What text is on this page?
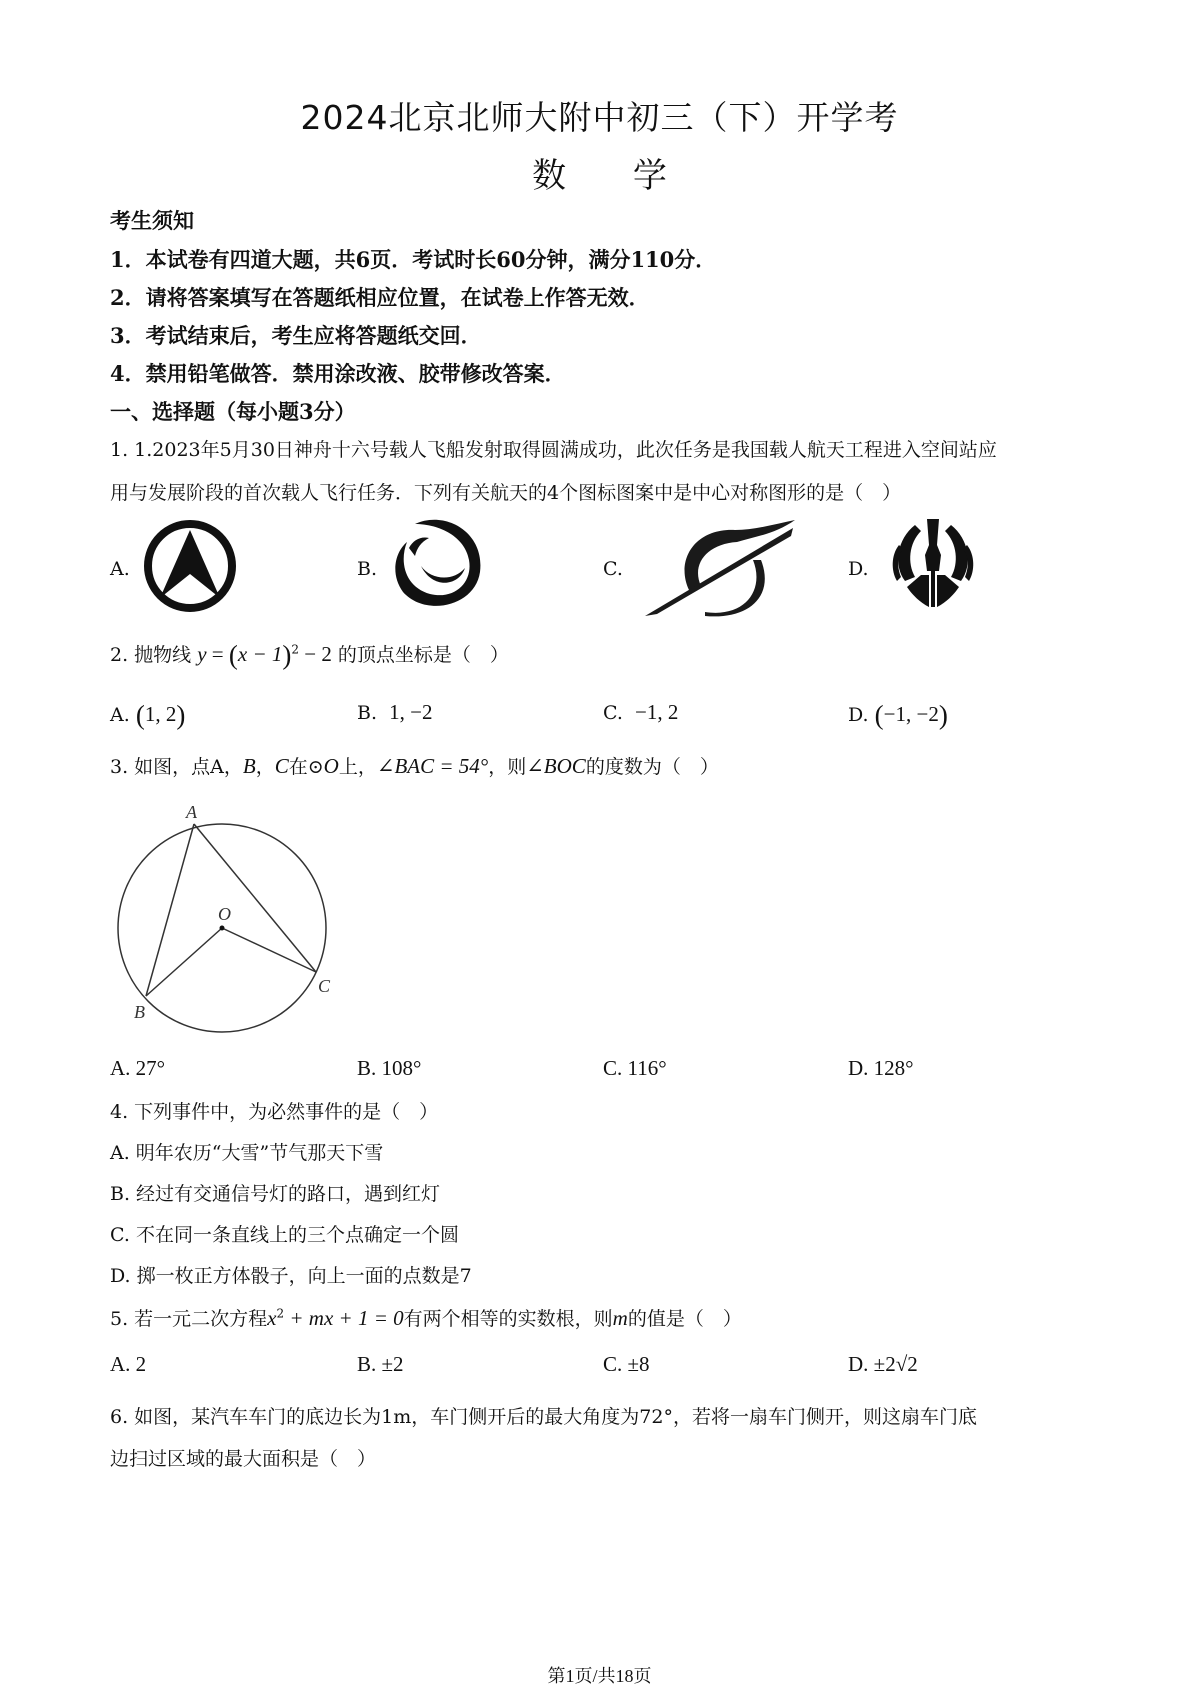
2024北京北师大附中初三（下）开学考
数 学
考生须知
1．本试卷有四道大题，共6页．考试时长60分钟，满分110分．
2．请将答案填写在答题纸相应位置，在试卷上作答无效．
3．考试结束后，考生应将答题纸交回．
4．禁用铅笔做答．禁用涂改液、胶带修改答案．
一、选择题（每小题3分）
1. 1.2023年5月30日神舟十六号载人飞船发射取得圆满成功，此次任务是我国载人航天工程进入空间站应
用与发展阶段的首次载人飞行任务．下列有关航天的4个图标图案中是中心对称图形的是（　）
A.	B.	C.	D.
2. 抛物线 $y = (x - 1)^2 - 2$ 的顶点坐标是（　）
A. (1, 2)	B. 1, −2	C. −1, 2	D. (−1, −2)
3. 如图，点A，B，C在⊙O上，∠BAC = 54°，则∠BOC的度数为（　）
A
B
C
O
A. 27°	B. 108°	C. 116°	D. 128°
4. 下列事件中，为必然事件的是（　）
A. 明年农历“大雪”节气那天下雪
B. 经过有交通信号灯的路口，遇到红灯
C. 不在同一条直线上的三个点确定一个圆
D. 掷一枚正方体骰子，向上一面的点数是7
5. 若一元二次方程$x^2$ + mx + 1 = 0有两个相等的实数根，则m的值是（　）
A. 2	B. ±2	C. ±8	D. ±2√2
6. 如图，某汽车车门的底边长为1m，车门侧开后的最大角度为72°，若将一扇车门侧开，则这扇车门底
边扫过区域的最大面积是（　）
第1页/共18页
